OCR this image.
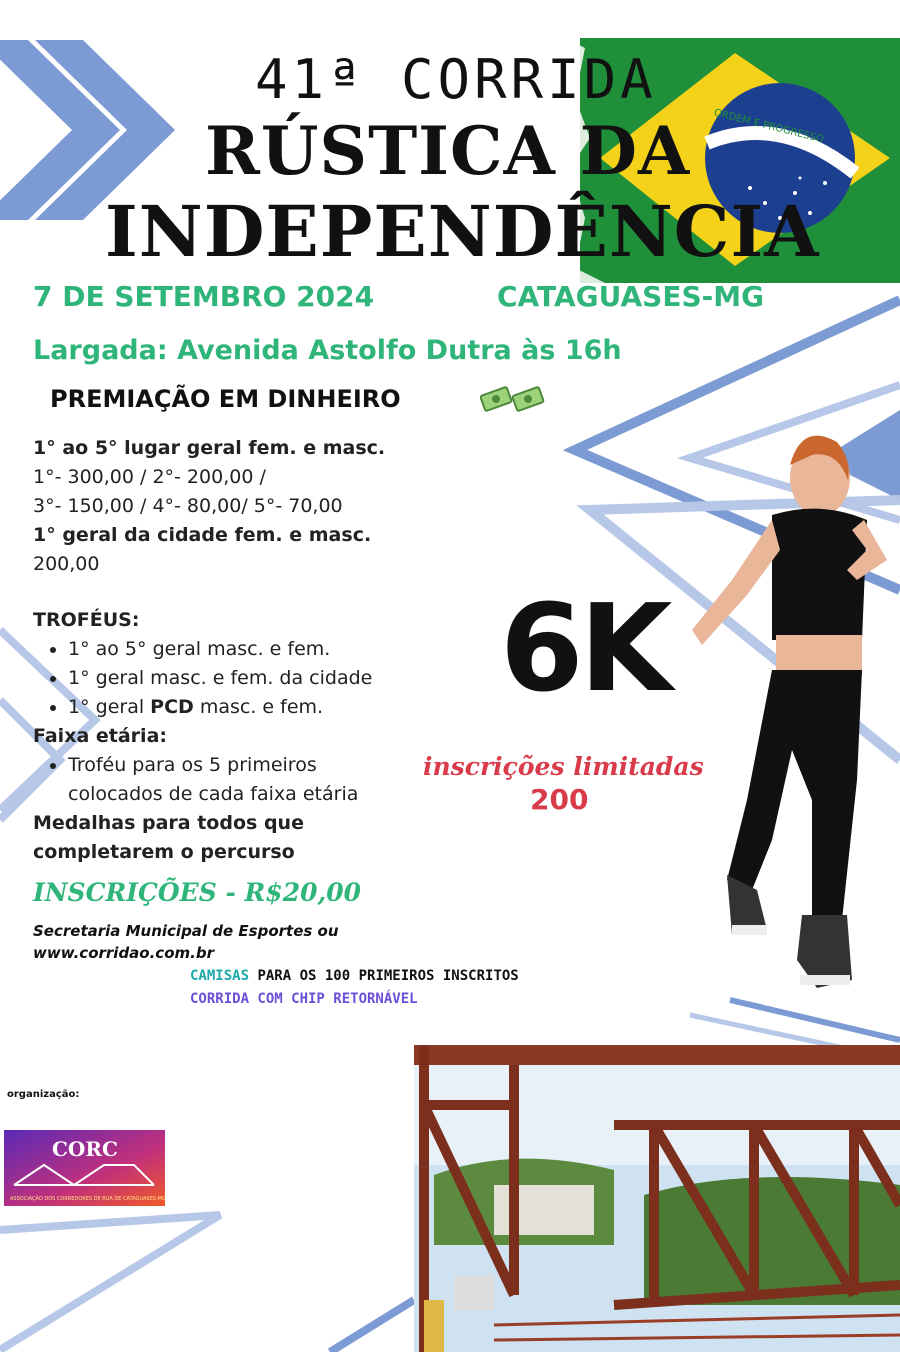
ORDEM E PROGRESSO
41ª CORRIDA
RÚSTICA DA
INDEPENDÊNCIA
7 DE SETEMBRO 2024	CATAGUASES-MG
Largada: Avenida Astolfo Dutra às 16h
PREMIAÇÃO EM DINHEIRO
1° ao 5° lugar geral fem. e masc.
1°- 300,00 / 2°- 200,00 /
3°- 150,00 / 4°- 80,00/ 5°- 70,00
1° geral da cidade fem. e masc.
200,00
TROFÉUS:
• 1° ao 5° geral masc. e fem.
• 1° geral masc. e fem. da cidade
• 1° geral PCD masc. e fem.
Faixa etária:
• Troféu para os 5 primeiros colocados de cada faixa etária
Medalhas para todos que
completarem o percurso
INSCRIÇÕES - R$20,00
Secretaria Municipal de Esportes ou
www.corridao.com.br
CAMISAS PARA OS 100 PRIMEIROS INSCRITOS
CORRIDA COM CHIP RETORNÁVEL
6K
inscrições limitadas
200
organização:
CORC
ASSOCIAÇÃO DOS CORREDORES DE RUA DE CATAGUASES-MG
